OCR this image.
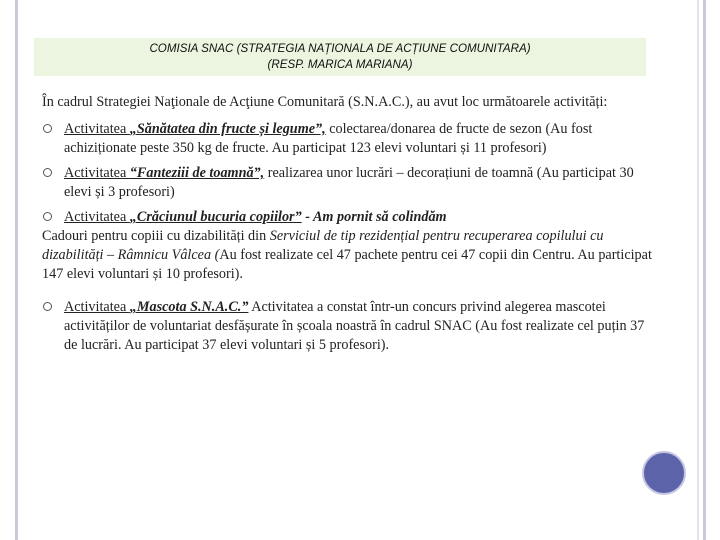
COMISIA SNAC (STRATEGIA NAȚIONALA DE ACȚIUNE COMUNITARA)
(RESP. MARICA MARIANA)

În cadrul Strategiei Naţionale de Acţiune Comunitară (S.N.A.C.), au avut loc următoarele activități:

Activitatea „Sănătatea din fructe și legume”, colectarea/donarea de fructe de sezon (Au fost achiziționate peste 350 kg de fructe. Au participat 123 elevi voluntari și 11 profesori)
Activitatea “Fanteziii de toamnă”, realizarea unor lucrări – decorațiuni de toamnă (Au participat 30 elevi și 3 profesori)
Activitatea „Crăciunul bucuria copiilor” - Am pornit să colindăm

Cadouri pentru copiii cu dizabilități din Serviciul de tip rezidențial pentru recuperarea copilului cu dizabilități – Râmnicu Vâlcea (Au fost realizate cel 47 pachete pentru cei 47 copii din Centru. Au participat 147 elevi voluntari și 10 profesori).

Activitatea „Mascota S.N.A.C.” Activitatea a constat într-un concurs privind alegerea mascotei activităților de voluntariat desfășurate în școala noastră în cadrul SNAC (Au fost realizate cel puțin 37 de lucrări. Au participat 37 elevi voluntari și 5 profesori).
